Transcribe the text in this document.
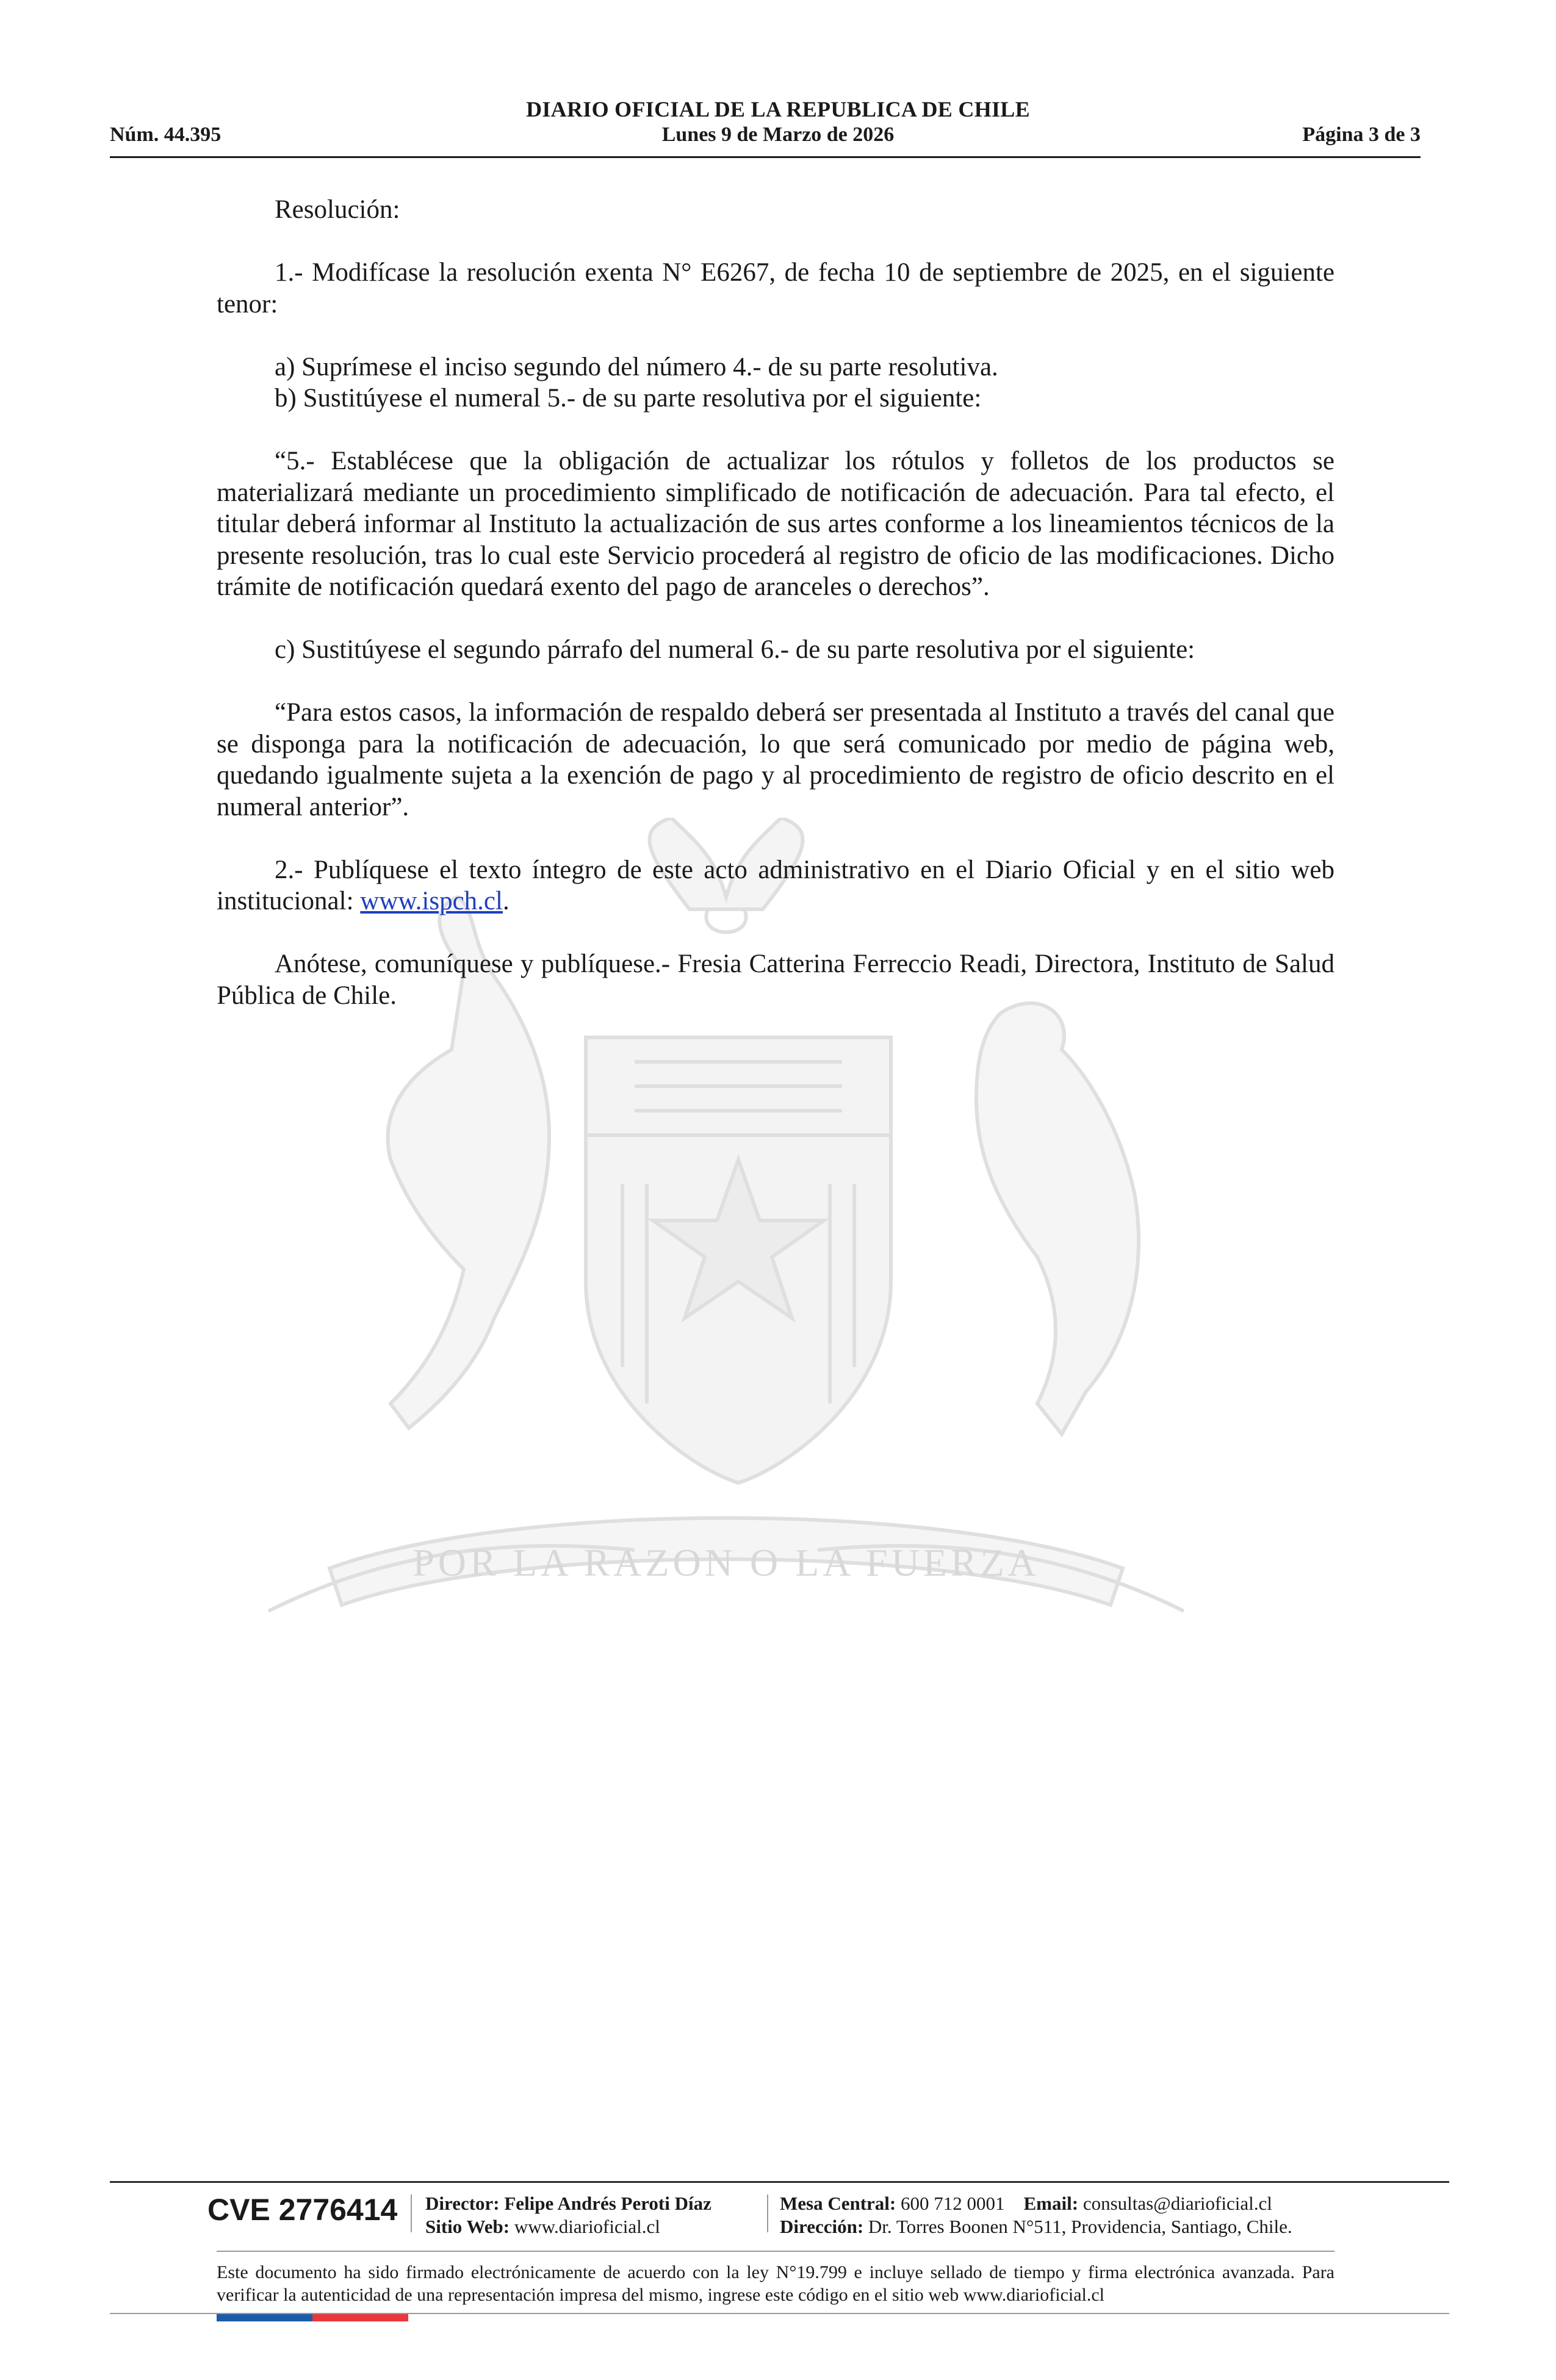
POR LA RAZON O LA FUERZA
DIARIO OFICIAL DE LA REPUBLICA DE CHILE
Núm. 44.395	Lunes 9 de Marzo de 2026	Página 3 de 3

Resolución:

1.- Modifícase la resolución exenta N° E6267, de fecha 10 de septiembre de 2025, en el siguiente tenor:

a) Suprímese el inciso segundo del número 4.- de su parte resolutiva.

b) Sustitúyese el numeral 5.- de su parte resolutiva por el siguiente:

“5.- Establécese que la obligación de actualizar los rótulos y folletos de los productos se materializará mediante un procedimiento simplificado de notificación de adecuación. Para tal efecto, el titular deberá informar al Instituto la actualización de sus artes conforme a los lineamientos técnicos de la presente resolución, tras lo cual este Servicio procederá al registro de oficio de las modificaciones. Dicho trámite de notificación quedará exento del pago de aranceles o derechos”.

c) Sustitúyese el segundo párrafo del numeral 6.- de su parte resolutiva por el siguiente:

“Para estos casos, la información de respaldo deberá ser presentada al Instituto a través del canal que se disponga para la notificación de adecuación, lo que será comunicado por medio de página web, quedando igualmente sujeta a la exención de pago y al procedimiento de registro de oficio descrito en el numeral anterior”.

2.- Publíquese el texto íntegro de este acto administrativo en el Diario Oficial y en el sitio web institucional: www.ispch.cl.

Anótese, comuníquese y publíquese.- Fresia Catterina Ferreccio Readi, Directora, Instituto de Salud Pública de Chile.

CVE 2776414 Director: Felipe Andrés Peroti Díaz
Sitio Web: www.diarioficial.cl
Mesa Central: 600 712 0001 Email: consultas@diarioficial.cl
Dirección: Dr. Torres Boonen N°511, Providencia, Santiago, Chile.
Este documento ha sido firmado electrónicamente de acuerdo con la ley N°19.799 e incluye sellado de tiempo y firma electrónica avanzada. Para verificar la autenticidad de una representación impresa del mismo, ingrese este código en el sitio web www.diarioficial.cl
